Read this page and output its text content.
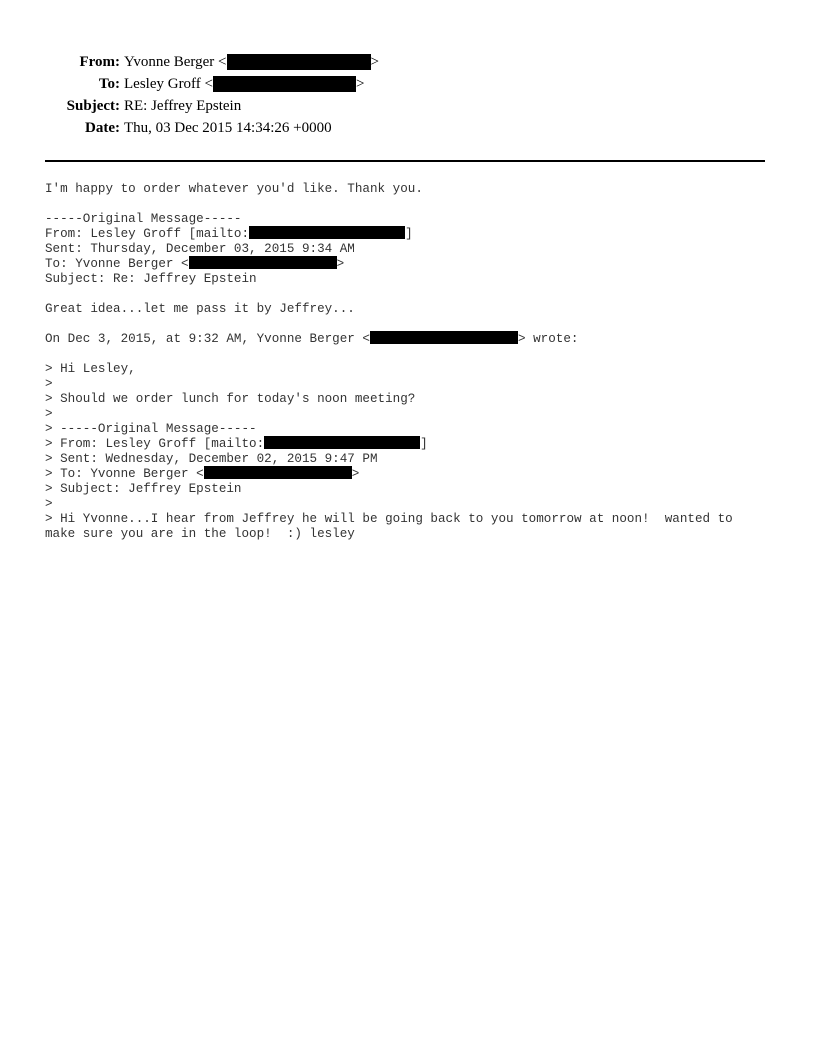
From: Yvonne Berger <	>
To: Lesley Groff <	>
Subject: RE: Jeffrey Epstein
Date: Thu, 03 Dec 2015 14:34:26 +0000
I'm happy to order whatever you'd like. Thank you.
-----Original Message-----
From: Lesley Groff [mailto:	]
Sent: Thursday, December 03, 2015 9:34 AM
To: Yvonne Berger <	>
Subject: Re: Jeffrey Epstein
Great idea...let me pass it by Jeffrey...
On Dec 3, 2015, at 9:32 AM, Yvonne Berger <	> wrote:
> Hi Lesley,
>
> Should we order lunch for today's noon meeting?
>
> -----Original Message-----
> From: Lesley Groff [mailto:	]
> Sent: Wednesday, December 02, 2015 9:47 PM
> To: Yvonne Berger <	>
> Subject: Jeffrey Epstein
>
> Hi Yvonne...I hear from Jeffrey he will be going back to you tomorrow at noon!  wanted to make sure you are in the loop!  :) lesley
